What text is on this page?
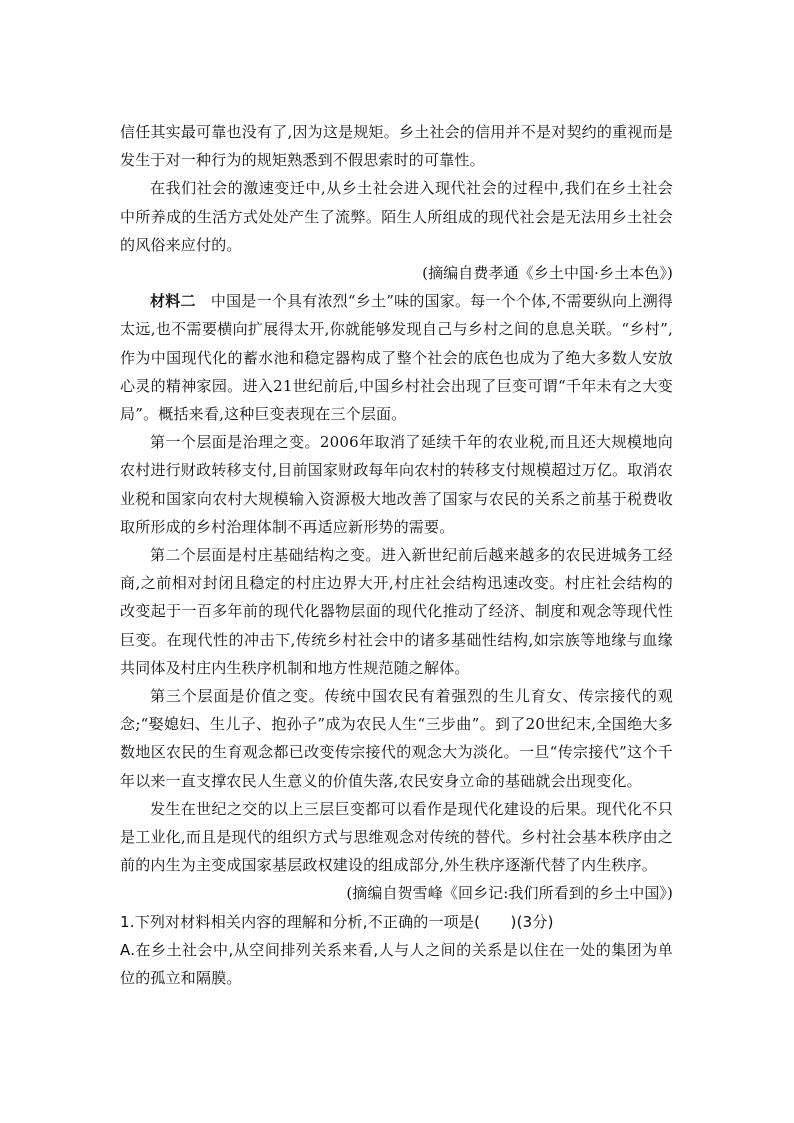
信任其实最可靠也没有了,因为这是规矩。乡土社会的信用并不是对契约的重视而是发生于对一种行为的规矩熟悉到不假思索时的可靠性。

在我们社会的激速变迁中,从乡土社会进入现代社会的过程中,我们在乡土社会中所养成的生活方式处处产生了流弊。陌生人所组成的现代社会是无法用乡土社会的风俗来应付的。

(摘编自费孝通《乡土中国·乡土本色》)

材料二　 中国是一个具有浓烈“乡土”味的国家。每一个个体,不需要纵向上溯得太远,也不需要横向扩展得太开,你就能够发现自己与乡村之间的息息关联。“乡村”,作为中国现代化的蓄水池和稳定器构成了整个社会的底色也成为了绝大多数人安放心灵的精神家园。进入21世纪前后,中国乡村社会出现了巨变可谓“千年未有之大变局”。概括来看,这种巨变表现在三个层面。

第一个层面是治理之变。2006年取消了延续千年的农业税,而且还大规模地向农村进行财政转移支付,目前国家财政每年向农村的转移支付规模超过万亿。取消农业税和国家向农村大规模输入资源极大地改善了国家与农民的关系之前基于税费收取所形成的乡村治理体制不再适应新形势的需要。

第二个层面是村庄基础结构之变。进入新世纪前后越来越多的农民进城务工经商,之前相对封闭且稳定的村庄边界大开,村庄社会结构迅速改变。村庄社会结构的改变起于一百多年前的现代化器物层面的现代化推动了经济、制度和观念等现代性巨变。在现代性的冲击下,传统乡村社会中的诸多基础性结构,如宗族等地缘与血缘共同体及村庄内生秩序机制和地方性规范随之解体。

第三个层面是价值之变。传统中国农民有着强烈的生儿育女、传宗接代的观念;“娶媳妇、生儿子、抱孙子”成为农民人生“三步曲”。到了20世纪末,全国绝大多数地区农民的生育观念都已改变传宗接代的观念大为淡化。一旦“传宗接代”这个千年以来一直支撑农民人生意义的价值失落,农民安身立命的基础就会出现变化。

发生在世纪之交的以上三层巨变都可以看作是现代化建设的后果。现代化不只是工业化,而且是现代的组织方式与思维观念对传统的替代。乡村社会基本秩序由之前的内生为主变成国家基层政权建设的组成部分,外生秩序逐渐代替了内生秩序。

(摘编自贺雪峰《回乡记:我们所看到的乡土中国》)

1.下列对材料相关内容的理解和分析,不正确的一项是(　　)(3分)

A.在乡土社会中,从空间排列关系来看,人与人之间的关系是以住在一处的集团为单位的孤立和隔膜。
